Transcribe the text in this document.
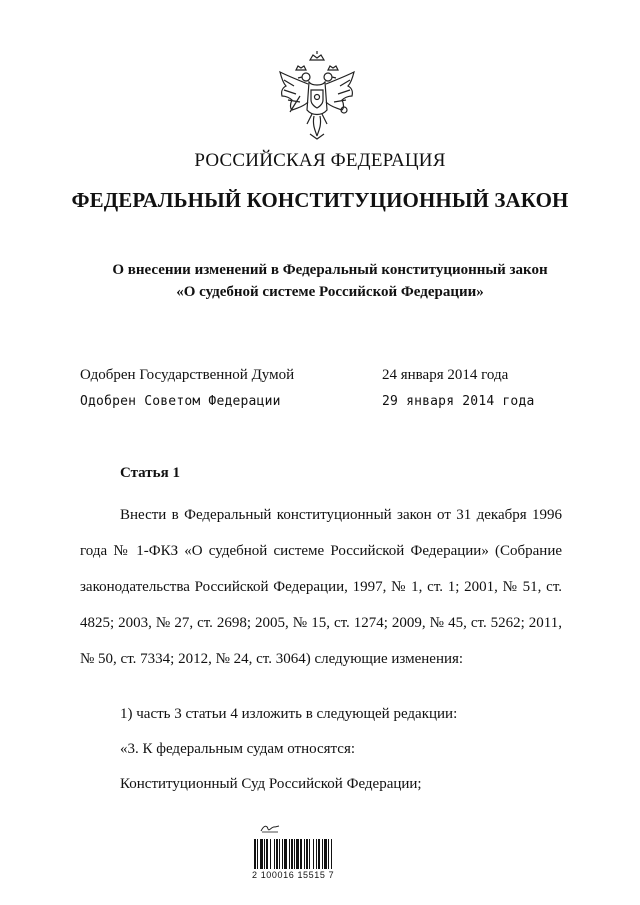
РОССИЙСКАЯ ФЕДЕРАЦИЯ
ФЕДЕРАЛЬНЫЙ КОНСТИТУЦИОННЫЙ ЗАКОН
О внесении изменений в Федеральный конституционный закон
«О судебной системе Российской Федерации»
Одобрен Государственной Думой	24 января 2014 года
Одобрен Советом Федерации	29 января 2014 года
Статья 1
Внести в Федеральный конституционный закон от 31 декабря 1996 года № 1-ФКЗ «О судебной системе Российской Федерации» (Собрание законодательства Российской Федерации, 1997, № 1, ст. 1; 2001, № 51, ст. 4825; 2003, № 27, ст. 2698; 2005, № 15, ст. 1274; 2009, № 45, ст. 5262; 2011, № 50, ст. 7334; 2012, № 24, ст. 3064) следующие изменения:
1) часть 3 статьи 4 изложить в следующей редакции:
«3. К федеральным судам относятся:
Конституционный Суд Российской Федерации;
2 100016 15515 7
